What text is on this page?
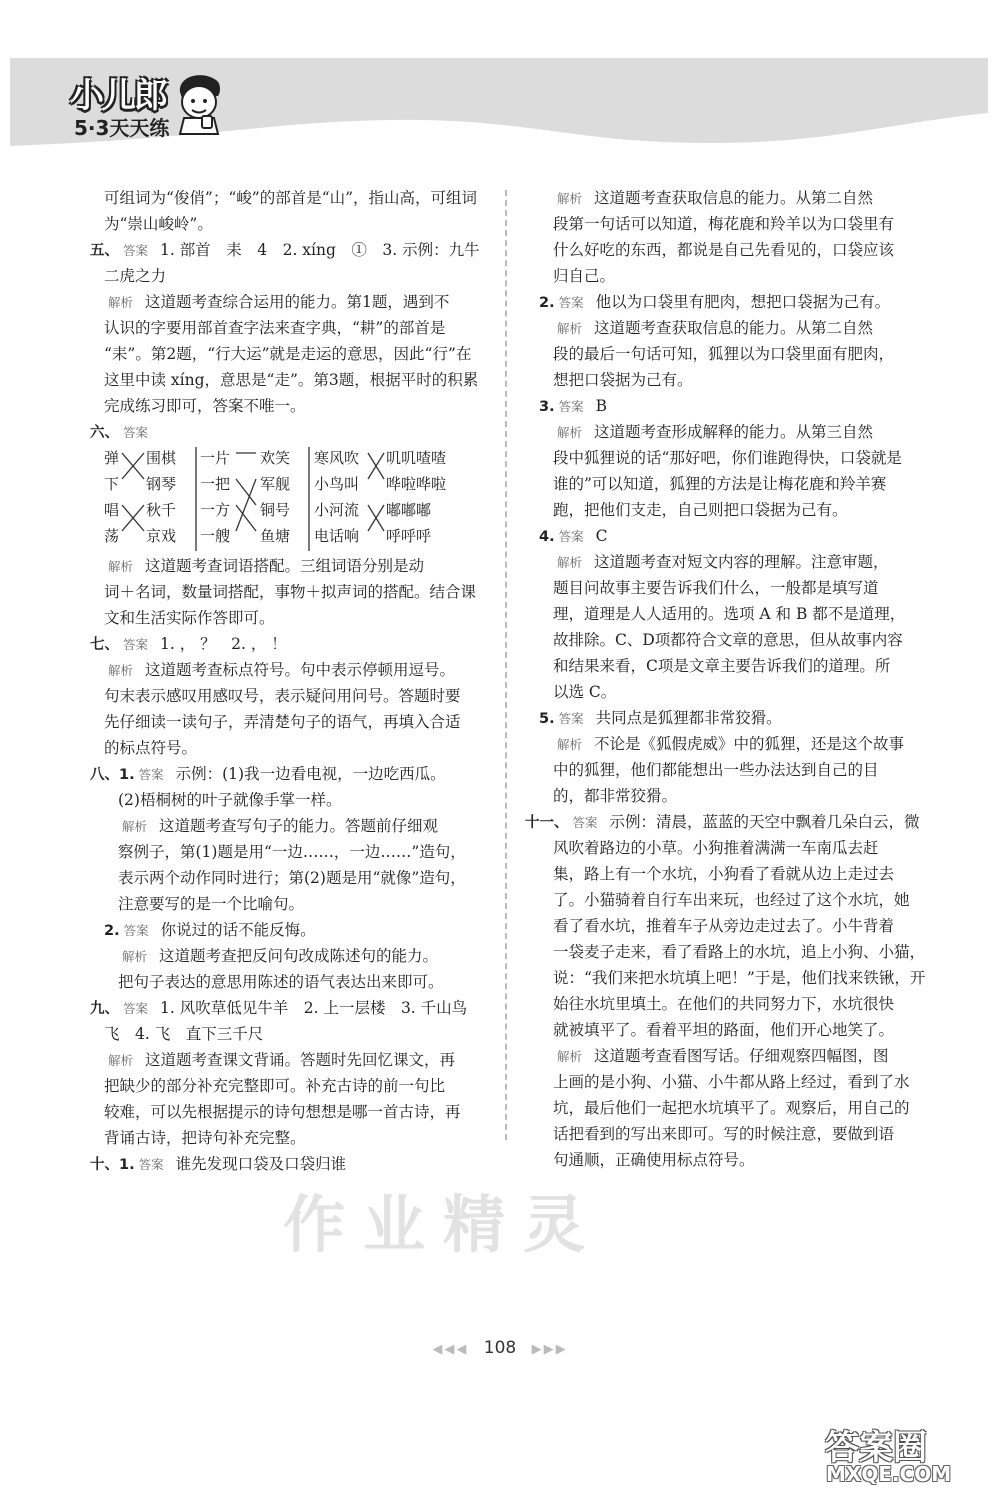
小儿郎
5·3天天练
可组词为“俊俏”；“峻”的部首是“山”，指山高，可组词
为“崇山峻岭”。
五、 答案 1. 部首　耒　4　2. xíng　①　3. 示例：九牛
二虎之力
解析 这道题考查综合运用的能力。第1题，遇到不
认识的字要用部首查字法来查字典，“耕”的部首是
“耒”。第2题，“行大运”就是走运的意思，因此“行”在
这里中读 xíng，意思是“走”。第3题，根据平时的积累
完成练习即可，答案不唯一。
六、 答案
弹
下
唱
荡
围棋
钢琴
秋千
京戏
一片
一把
一方
一艘
欢笑
军舰
铜号
鱼塘
寒风吹
小鸟叫
小河流
电话响
叽叽喳喳
哗啦哗啦
嘟嘟嘟
呼呼呼
解析 这道题考查词语搭配。三组词语分别是动
词＋名词，数量词搭配，事物＋拟声词的搭配。结合课
文和生活实际作答即可。
七、 答案 1. ， ？　2. ， ！
解析 这道题考查标点符号。句中表示停顿用逗号。
句末表示感叹用感叹号，表示疑问用问号。答题时要
先仔细读一读句子，弄清楚句子的语气，再填入合适
的标点符号。
八、1. 答案 示例：(1)我一边看电视，一边吃西瓜。
(2)梧桐树的叶子就像手掌一样。
解析 这道题考查写句子的能力。答题前仔细观
察例子，第(1)题是用“一边……，一边……”造句，
表示两个动作同时进行；第(2)题是用“就像”造句，
注意要写的是一个比喻句。
2. 答案 你说过的话不能反悔。
解析 这道题考查把反问句改成陈述句的能力。
把句子表达的意思用陈述的语气表达出来即可。
九、 答案 1. 风吹草低见牛羊　2. 上一层楼　3. 千山鸟
飞　4. 飞　直下三千尺
解析 这道题考查课文背诵。答题时先回忆课文，再
把缺少的部分补充完整即可。补充古诗的前一句比
较难，可以先根据提示的诗句想想是哪一首古诗，再
背诵古诗，把诗句补充完整。
十、1. 答案 谁先发现口袋及口袋归谁
解析 这道题考查获取信息的能力。从第二自然
段第一句话可以知道，梅花鹿和羚羊以为口袋里有
什么好吃的东西，都说是自己先看见的，口袋应该
归自己。
2. 答案 他以为口袋里有肥肉，想把口袋据为己有。
解析 这道题考查获取信息的能力。从第二自然
段的最后一句话可知，狐狸以为口袋里面有肥肉，
想把口袋据为己有。
3. 答案 B
解析 这道题考查形成解释的能力。从第三自然
段中狐狸说的话“那好吧，你们谁跑得快，口袋就是
谁的”可以知道，狐狸的方法是让梅花鹿和羚羊赛
跑，把他们支走，自己则把口袋据为己有。
4. 答案 C
解析 这道题考查对短文内容的理解。注意审题，
题目问故事主要告诉我们什么，一般都是填写道
理，道理是人人适用的。选项 A 和 B 都不是道理，
故排除。C、D项都符合文章的意思，但从故事内容
和结果来看，C项是文章主要告诉我们的道理。所
以选 C。
5. 答案 共同点是狐狸都非常狡猾。
解析 不论是《狐假虎威》中的狐狸，还是这个故事
中的狐狸，他们都能想出一些办法达到自己的目
的，都非常狡猾。
十一、 答案 示例：清晨，蓝蓝的天空中飘着几朵白云，微
风吹着路边的小草。小狗推着满满一车南瓜去赶
集，路上有一个水坑，小狗看了看就从边上走过去
了。小猫骑着自行车出来玩，也经过了这个水坑，她
看了看水坑，推着车子从旁边走过去了。小牛背着
一袋麦子走来，看了看路上的水坑，追上小狗、小猫，
说：“我们来把水坑填上吧！”于是，他们找来铁锹，开
始往水坑里填土。在他们的共同努力下，水坑很快
就被填平了。看着平坦的路面，他们开心地笑了。
解析 这道题考查看图写话。仔细观察四幅图，图
上画的是小狗、小猫、小牛都从路上经过，看到了水
坑，最后他们一起把水坑填平了。观察后，用自己的
话把看到的写出来即可。写的时候注意，要做到语
句通顺，正确使用标点符号。
作业精灵
◀◀◀ 108 ▶▶▶
答案圈
MXQE.COM
